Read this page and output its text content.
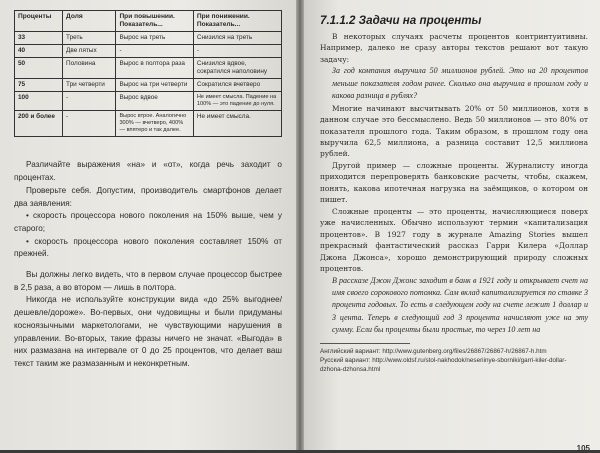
Проценты	Доля	При повышении. Показатель...	При понижении. Показатель...
33	Треть	Вырос на треть	Снизился на треть
40	Две пятых	-	-
50	Половина	Вырос в полтора раза	Снизился вдвое, сократился наполовину
75	Три четверти	Вырос на три четверти	Сократился вчетверо
100	-	Вырос вдвое	Не имеет смысла. Падение на 100% — это падение до нуля.
200 и более	-	Вырос втрое. Аналогично 300% — вчетверо, 400% — впятеро и так далее.	Не имеет смысла.

Различайте выражения «на» и «от», когда речь заходит о процентах.

Проверьте себя. Допустим, производитель смартфонов делает два заявления:

• скорость процессора нового поколения на 150% выше, чем у старого;

• скорость процессора нового поколения составляет 150% от прежней.

Вы должны легко видеть, что в первом случае процессор быстрее в 2,5 раза, а во втором — лишь в полтора.

Никогда не используйте конструкции вида «до 25% выгоднее/дешевле/дороже». Во-первых, они чудовищны и были придуманы косноязычными маркетологами, не чувствующими нарушения в управлении. Во-вторых, такие фразы ничего не значат. «Выгода» в них размазана на интервале от 0 до 25 процентов, что делает ваш текст таким же размазанным и неконкретным.

7.1.1.2 Задачи на проценты

В некоторых случаях расчеты процентов контринтуитивны. Например, далеко не сразу авторы текстов решают вот такую задачу:

За год компания выручила 50 миллионов рублей. Это на 20 процентов меньше показателя годом ранее. Сколько она выручила в прошлом году и какова разница в рублях?

Многие начинают высчитывать 20% от 50 миллионов, хотя в данном случае это бессмыслено. Ведь 50 миллионов — это 80% от показателя прошлого года. Таким образом, в прошлом году она выручила 62,5 миллиона, а разница составит 12,5 миллиона рублей.

Другой пример — сложные проценты. Журналисту иногда приходится перепроверять банковские расчеты, чтобы, скажем, понять, какова ипотечная нагрузка на заёмщиков, о котором он пишет.

Сложные проценты — это проценты, начисляющиеся поверх уже начисленных. Обычно используют термин «капитализация процентов». В 1927 году в журнале Amazing Stories вышел прекрасный фантастический рассказ Гарри Килера «Доллар Джона Джонса», хорошо демонстрирующий природу сложных процентов.

В рассказе Джон Джонс заходит в банк в 1921 году и открывает счет на имя своего сорокового потомка. Сам вклад капитализируется по ставке 3 процента годовых. То есть в следующем году на счете лежит 1 доллар и 3 цента. Теперь в следующий год 3 процента начисляют уже на эту сумму. Если бы проценты были простые, то через 10 лет на

Английский вариант: http://www.gutenberg.org/files/26867/26867-h/26867-h.htm

Русский вариант: http://www.oldsf.ru/stol-nakhodok/neseriinye-sborniki/garri-kiler-dollar-dzhona-dzhonsa.html

105
